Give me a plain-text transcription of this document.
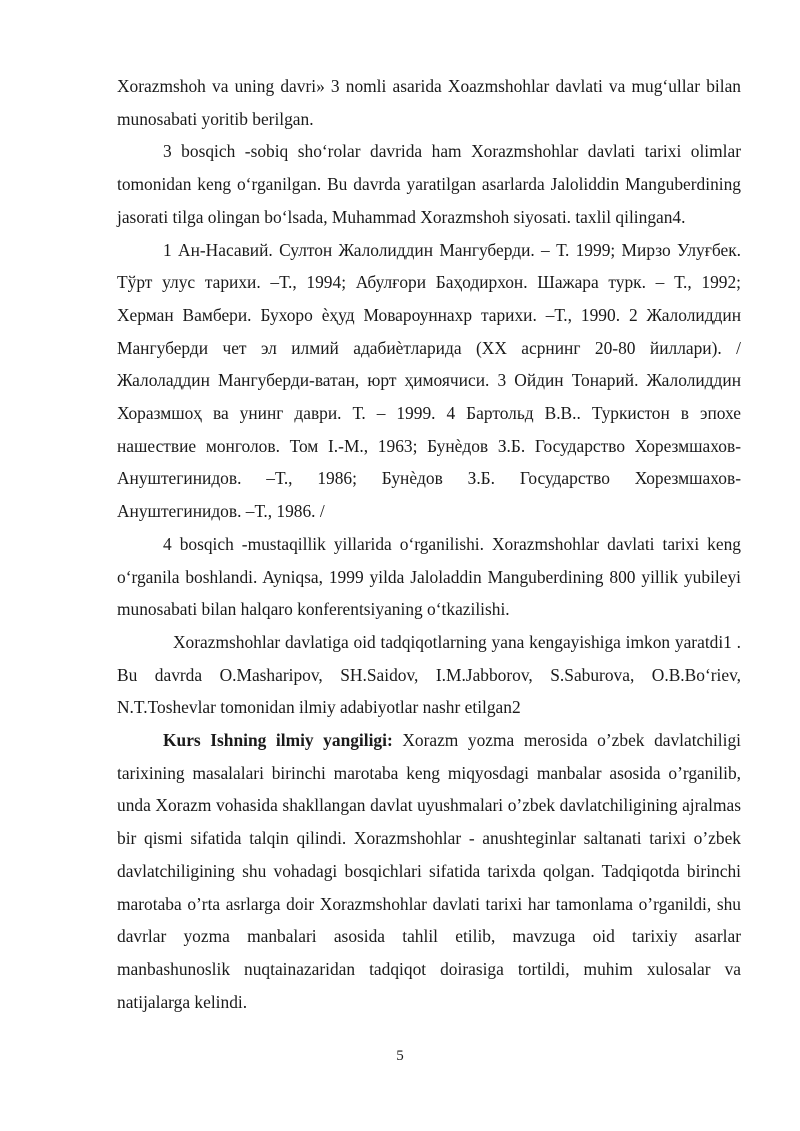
Xorazmshoh va uning davri» 3 nomli asarida Xoazmshohlar davlati va mug‘ullar bilan munosabati yoritib berilgan.

3 bosqich -sobiq sho‘rolar davrida ham Xorazmshohlar davlati tarixi olimlar tomonidan keng o‘rganilgan. Bu davrda yaratilgan asarlarda Jaloliddin Manguberdining jasorati tilga olingan bo‘lsada, Muhammad Xorazmshoh siyosati. taxlil qilingan4.

1 Ан-Насавий. Султон Жалолиддин Мангуберди. – Т. 1999; Мирзо Улуғбек. Тўрт улус тарихи. –Т., 1994; Абулғори Баҳодирхон. Шажара турк. – Т., 1992; Херман Вамбери. Бухоро ѐҳуд Мовароуннахр тарихи. –Т., 1990. 2 Жалолиддин Мангуберди чет эл илмий адабиѐтларида (XX асрнинг 20-80 йиллари). / Жалоладдин Мангуберди-ватан, юрт ҳимоячиси. 3 Ойдин Тонарий. Жалолиддин Хоразмшоҳ ва унинг даври. Т. – 1999. 4 Бартольд В.В.. Туркистон в эпохе нашествие монголов. Том I.-М., 1963; Бунѐдов З.Б. Государство Хорезмшахов-Ануштегинидов. –Т., 1986; Бунѐдов З.Б. Государство Хорезмшахов-Ануштегинидов. –Т., 1986. /

4 bosqich -mustaqillik yillarida o‘rganilishi. Xorazmshohlar davlati tarixi keng o‘rganila boshlandi. Ayniqsa, 1999 yilda Jaloladdin Manguberdining 800 yillik yubileyi munosabati bilan halqaro konferentsiyaning o‘tkazilishi.

Xorazmshohlar davlatiga oid tadqiqotlarning yana kengayishiga imkon yaratdi1 . Bu davrda O.Masharipov, SH.Saidov, I.M.Jabborov, S.Saburova, O.B.Bo‘riev, N.T.Toshevlar tomonidan ilmiy adabiyotlar nashr etilgan2

Kurs Ishning ilmiy yangiligi: Xorazm yozma merosida o’zbek davlatchiligi tarixining masalalari birinchi marotaba keng miqyosdagi manbalar asosida o’rganilib, unda Xorazm vohasida shakllangan davlat uyushmalari o’zbek davlatchiligining ajralmas bir qismi sifatida talqin qilindi. Xorazmshohlar - anushteginlar saltanati tarixi o’zbek davlatchiligining shu vohadagi bosqichlari sifatida tarixda qolgan. Tadqiqotda birinchi marotaba o’rta asrlarga doir Xorazmshohlar davlati tarixi har tamonlama o’rganildi, shu davrlar yozma manbalari asosida tahlil etilib, mavzuga oid tarixiy asarlar manbashunoslik nuqtainazaridan tadqiqot doirasiga tortildi, muhim xulosalar va natijalarga kelindi.

5
